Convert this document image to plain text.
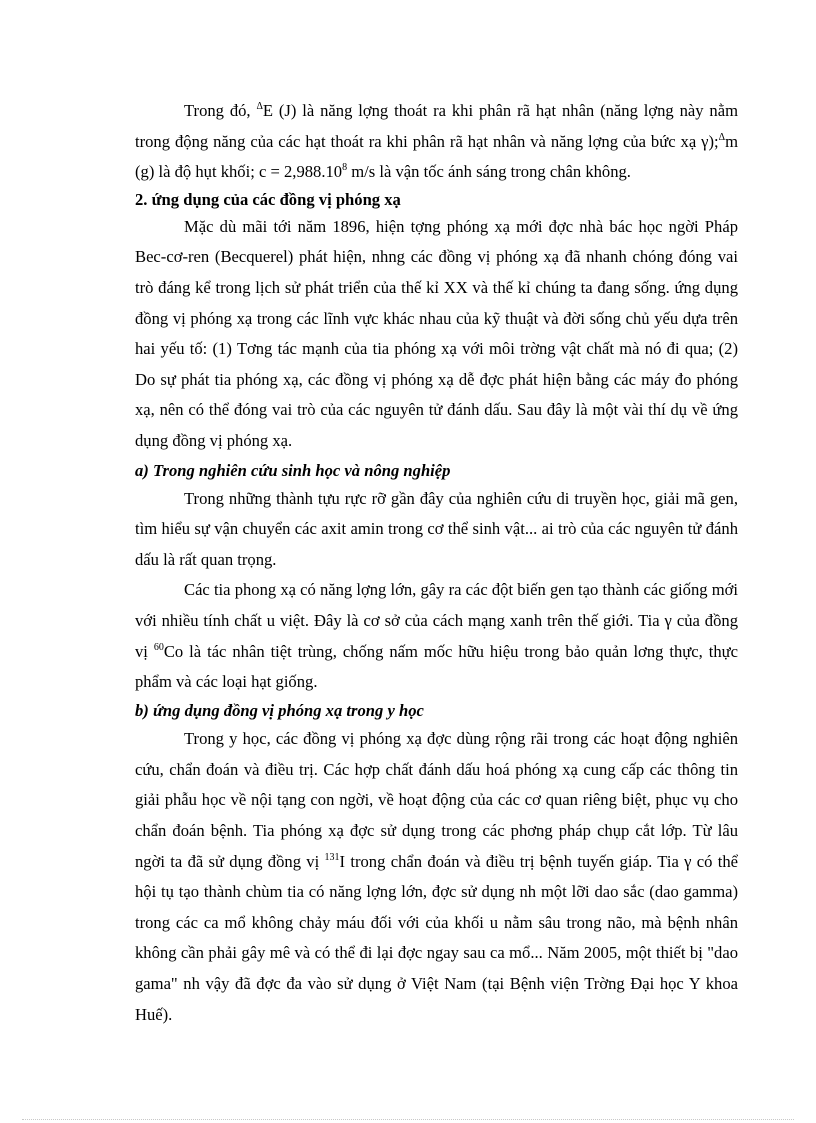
Trong đó, $^\Delta$E (J) là năng lợng thoát ra khi phân rã hạt nhân (năng lợng này nằm trong động năng của các hạt thoát ra khi phân rã hạt nhân và năng lợng của bức xạ γ);$^\Delta$m (g) là độ hụt khối; $c = 2,988.10^8$ m/s là vận tốc ánh sáng trong chân không.

2. ứng dụng của các đồng vị phóng xạ

Mặc dù mãi tới năm 1896, hiện tợng phóng xạ mới đợc nhà bác học ngời Pháp Bec-cơ-ren (Becquerel) phát hiện, nhng các đồng vị phóng xạ đã nhanh chóng đóng vai trò đáng kể trong lịch sử phát triển của thế kỉ XX và thế kỉ chúng ta đang sống. ứng dụng đồng vị phóng xạ trong các lĩnh vực khác nhau của kỹ thuật và đời sống chủ yếu dựa trên hai yếu tố: (1) Tơng tác mạnh của tia phóng xạ với môi trờng vật chất mà nó đi qua; (2) Do sự phát tia phóng xạ, các đồng vị phóng xạ dễ đợc phát hiện bằng các máy đo phóng xạ, nên có thể đóng vai trò của các nguyên tử đánh dấu. Sau đây là một vài thí dụ về ứng dụng đồng vị phóng xạ.

a) Trong nghiên cứu sinh học và nông nghiệp

Trong những thành tựu rực rỡ gần đây của nghiên cứu di truyền học, giải mã gen, tìm hiểu sự vận chuyển các axit amin trong cơ thể sinh vật... ai trò của các nguyên tử đánh dấu là rất quan trọng.

Các tia phong xạ có năng lợng lớn, gây ra các đột biến gen tạo thành các giống mới với nhiều tính chất u việt. Đây là cơ sở của cách mạng xanh trên thế giới. Tia γ của đồng vị $^{60}$Co là tác nhân tiệt trùng, chống nấm mốc hữu hiệu trong bảo quản lơng thực, thực phẩm và các loại hạt giống.

b) ứng dụng đồng vị phóng xạ trong y học

Trong y học, các đồng vị phóng xạ đợc dùng rộng rãi trong các hoạt động nghiên cứu, chẩn đoán và điều trị. Các hợp chất đánh dấu hoá phóng xạ cung cấp các thông tin giải phẫu học về nội tạng con ngời, về hoạt động của các cơ quan riêng biệt, phục vụ cho chẩn đoán bệnh. Tia phóng xạ đợc sử dụng trong các phơng pháp chụp cắt lớp. Từ lâu ngời ta đã sử dụng đồng vị $^{131}$I trong chẩn đoán và điều trị bệnh tuyến giáp. Tia γ có thể hội tụ tạo thành chùm tia có năng lợng lớn, đợc sử dụng nh một lỡi dao sắc (dao gamma) trong các ca mổ không chảy máu đối với của khối u nằm sâu trong não, mà bệnh nhân không cần phải gây mê và có thể đi lại đợc ngay sau ca mổ... Năm 2005, một thiết bị "dao gama" nh vậy đã đợc đa vào sử dụng ở Việt Nam (tại Bệnh viện Trờng Đại học Y khoa Huế).
